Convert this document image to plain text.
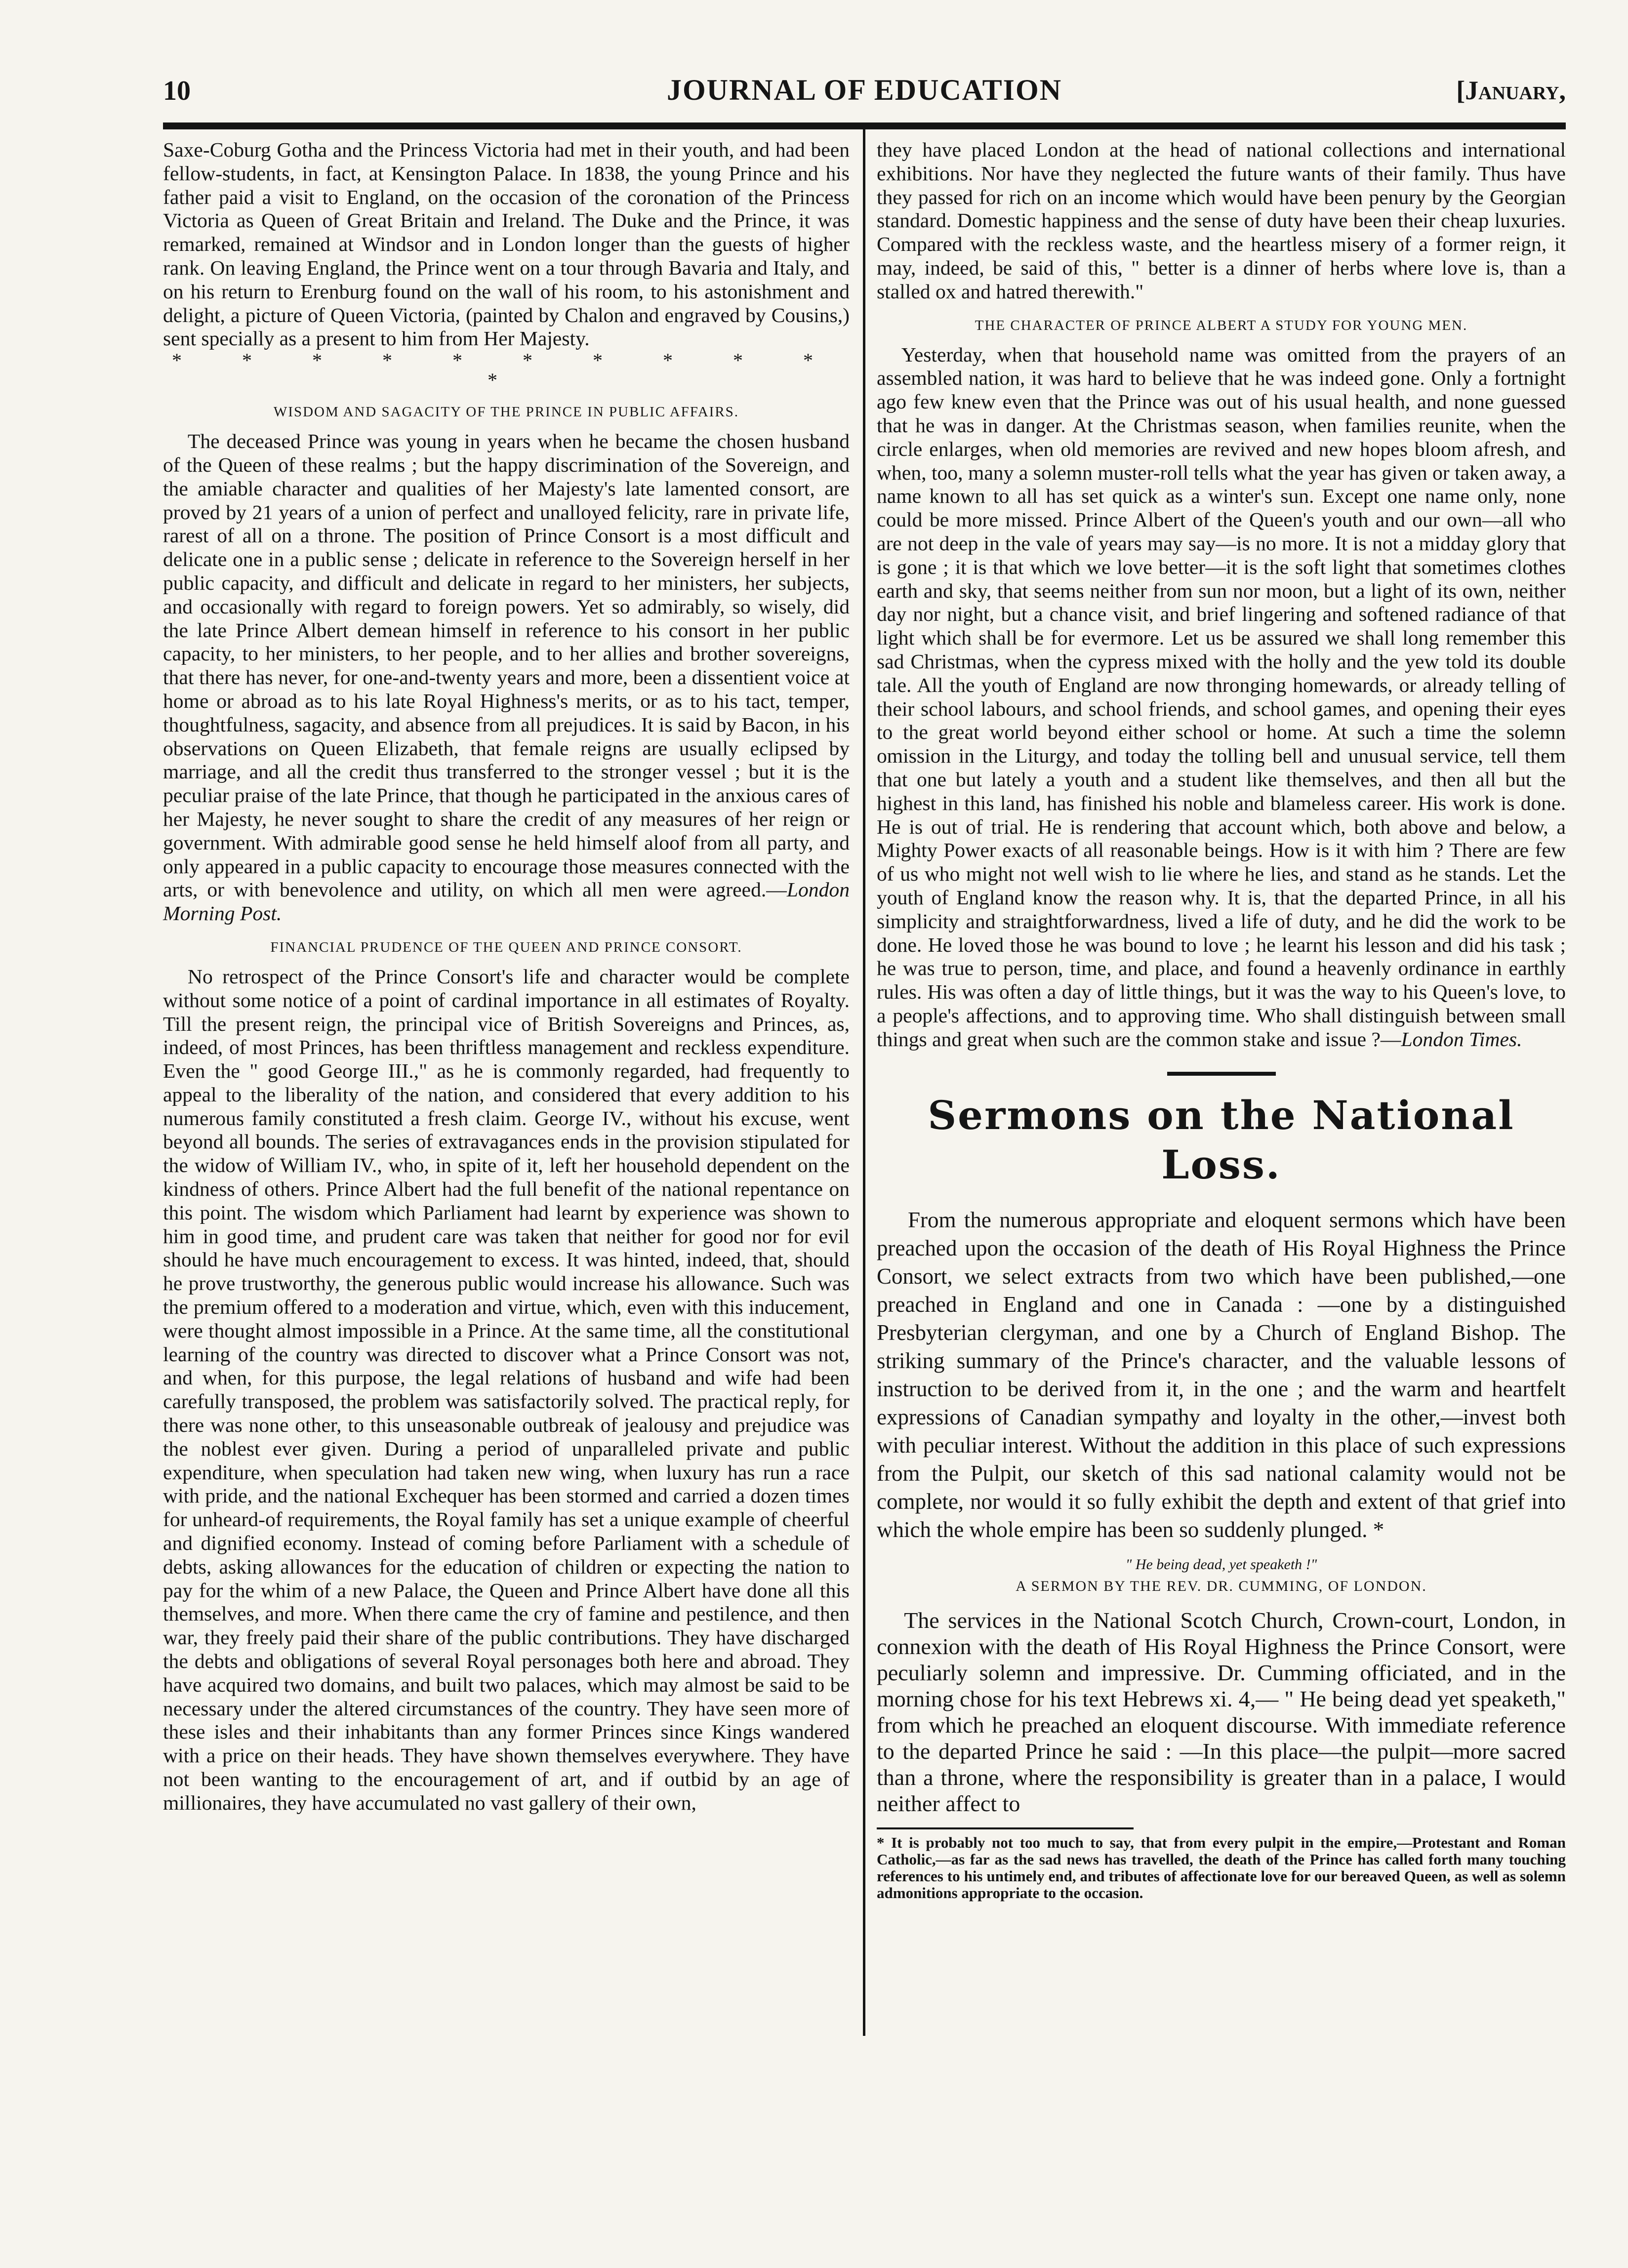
10	JOURNAL OF EDUCATION	[January,

Saxe-Coburg Gotha and the Princess Victoria had met in their youth, and had been fellow-students, in fact, at Kensington Palace. In 1838, the young Prince and his father paid a visit to England, on the occasion of the coronation of the Princess Victoria as Queen of Great Britain and Ireland. The Duke and the Prince, it was remarked, remained at Windsor and in London longer than the guests of higher rank. On leaving England, the Prince went on a tour through Bavaria and Italy, and on his return to Erenburg found on the wall of his room, to his astonishment and delight, a picture of Queen Victoria, (painted by Chalon and engraved by Cousins,) sent specially as a present to him from Her Majesty.

* * * * * * * * * * *
WISDOM AND SAGACITY OF THE PRINCE IN PUBLIC AFFAIRS.

The deceased Prince was young in years when he became the chosen husband of the Queen of these realms ; but the happy discrimination of the Sovereign, and the amiable character and qualities of her Majesty's late lamented consort, are proved by 21 years of a union of perfect and unalloyed felicity, rare in private life, rarest of all on a throne. The position of Prince Consort is a most difficult and delicate one in a public sense ; delicate in reference to the Sovereign herself in her public capacity, and difficult and delicate in regard to her ministers, her subjects, and occasionally with regard to foreign powers. Yet so admirably, so wisely, did the late Prince Albert demean himself in reference to his consort in her public capacity, to her ministers, to her people, and to her allies and brother sovereigns, that there has never, for one-and-twenty years and more, been a dissentient voice at home or abroad as to his late Royal Highness's merits, or as to his tact, temper, thoughtfulness, sagacity, and absence from all prejudices. It is said by Bacon, in his observations on Queen Elizabeth, that female reigns are usually eclipsed by marriage, and all the credit thus transferred to the stronger vessel ; but it is the peculiar praise of the late Prince, that though he participated in the anxious cares of her Majesty, he never sought to share the credit of any measures of her reign or government. With admirable good sense he held himself aloof from all party, and only appeared in a public capacity to encourage those measures connected with the arts, or with benevolence and utility, on which all men were agreed.—London Morning Post.

FINANCIAL PRUDENCE OF THE QUEEN AND PRINCE CONSORT.

No retrospect of the Prince Consort's life and character would be complete without some notice of a point of cardinal importance in all estimates of Royalty. Till the present reign, the principal vice of British Sovereigns and Princes, as, indeed, of most Princes, has been thriftless management and reckless expenditure. Even the " good George III.," as he is commonly regarded, had frequently to appeal to the liberality of the nation, and considered that every addition to his numerous family constituted a fresh claim. George IV., without his excuse, went beyond all bounds. The series of extravagances ends in the provision stipulated for the widow of William IV., who, in spite of it, left her household dependent on the kindness of others. Prince Albert had the full benefit of the national repentance on this point. The wisdom which Parliament had learnt by experience was shown to him in good time, and prudent care was taken that neither for good nor for evil should he have much encouragement to excess. It was hinted, indeed, that, should he prove trustworthy, the generous public would increase his allowance. Such was the premium offered to a moderation and virtue, which, even with this inducement, were thought almost impossible in a Prince. At the same time, all the constitutional learning of the country was directed to discover what a Prince Consort was not, and when, for this purpose, the legal relations of husband and wife had been carefully transposed, the problem was satisfactorily solved. The practical reply, for there was none other, to this unseasonable outbreak of jealousy and prejudice was the noblest ever given. During a period of unparalleled private and public expenditure, when speculation had taken new wing, when luxury has run a race with pride, and the national Exchequer has been stormed and carried a dozen times for unheard-of requirements, the Royal family has set a unique example of cheerful and dignified economy. Instead of coming before Parliament with a schedule of debts, asking allowances for the education of children or expecting the nation to pay for the whim of a new Palace, the Queen and Prince Albert have done all this themselves, and more. When there came the cry of famine and pestilence, and then war, they freely paid their share of the public contributions. They have discharged the debts and obligations of several Royal personages both here and abroad. They have acquired two domains, and built two palaces, which may almost be said to be necessary under the altered circumstances of the country. They have seen more of these isles and their inhabitants than any former Princes since Kings wandered with a price on their heads. They have shown themselves everywhere. They have not been wanting to the encouragement of art, and if outbid by an age of millionaires, they have accumulated no vast gallery of their own,

they have placed London at the head of national collections and international exhibitions. Nor have they neglected the future wants of their family. Thus have they passed for rich on an income which would have been penury by the Georgian standard. Domestic happiness and the sense of duty have been their cheap luxuries. Compared with the reckless waste, and the heartless misery of a former reign, it may, indeed, be said of this, " better is a dinner of herbs where love is, than a stalled ox and hatred therewith."

THE CHARACTER OF PRINCE ALBERT A STUDY FOR YOUNG MEN.

Yesterday, when that household name was omitted from the prayers of an assembled nation, it was hard to believe that he was indeed gone. Only a fortnight ago few knew even that the Prince was out of his usual health, and none guessed that he was in danger. At the Christmas season, when families reunite, when the circle enlarges, when old memories are revived and new hopes bloom afresh, and when, too, many a solemn muster-roll tells what the year has given or taken away, a name known to all has set quick as a winter's sun. Except one name only, none could be more missed. Prince Albert of the Queen's youth and our own—all who are not deep in the vale of years may say—is no more. It is not a midday glory that is gone ; it is that which we love better—it is the soft light that sometimes clothes earth and sky, that seems neither from sun nor moon, but a light of its own, neither day nor night, but a chance visit, and brief lingering and softened radiance of that light which shall be for evermore. Let us be assured we shall long remember this sad Christmas, when the cypress mixed with the holly and the yew told its double tale. All the youth of England are now thronging homewards, or already telling of their school labours, and school friends, and school games, and opening their eyes to the great world beyond either school or home. At such a time the solemn omission in the Liturgy, and today the tolling bell and unusual service, tell them that one but lately a youth and a student like themselves, and then all but the highest in this land, has finished his noble and blameless career. His work is done. He is out of trial. He is rendering that account which, both above and below, a Mighty Power exacts of all reasonable beings. How is it with him ? There are few of us who might not well wish to lie where he lies, and stand as he stands. Let the youth of England know the reason why. It is, that the departed Prince, in all his simplicity and straightforwardness, lived a life of duty, and he did the work to be done. He loved those he was bound to love ; he learnt his lesson and did his task ; he was true to person, time, and place, and found a heavenly ordinance in earthly rules. His was often a day of little things, but it was the way to his Queen's love, to a people's affections, and to approving time. Who shall distinguish between small things and great when such are the common stake and issue ?—London Times.

Sermons on the National Loss.

From the numerous appropriate and eloquent sermons which have been preached upon the occasion of the death of His Royal Highness the Prince Consort, we select extracts from two which have been published,—one preached in England and one in Canada : —one by a distinguished Presbyterian clergyman, and one by a Church of England Bishop. The striking summary of the Prince's character, and the valuable lessons of instruction to be derived from it, in the one ; and the warm and heartfelt expressions of Canadian sympathy and loyalty in the other,—invest both with peculiar interest. Without the addition in this place of such expressions from the Pulpit, our sketch of this sad national calamity would not be complete, nor would it so fully exhibit the depth and extent of that grief into which the whole empire has been so suddenly plunged. *

" He being dead, yet speaketh !"
A SERMON BY THE REV. DR. CUMMING, OF LONDON.

The services in the National Scotch Church, Crown-court, London, in connexion with the death of His Royal Highness the Prince Consort, were peculiarly solemn and impressive. Dr. Cumming officiated, and in the morning chose for his text Hebrews xi. 4,— " He being dead yet speaketh," from which he preached an eloquent discourse. With immediate reference to the departed Prince he said : —In this place—the pulpit—more sacred than a throne, where the responsibility is greater than in a palace, I would neither affect to

* It is probably not too much to say, that from every pulpit in the empire,—Protestant and Roman Catholic,—as far as the sad news has travelled, the death of the Prince has called forth many touching references to his untimely end, and tributes of affectionate love for our bereaved Queen, as well as solemn admonitions appropriate to the occasion.
